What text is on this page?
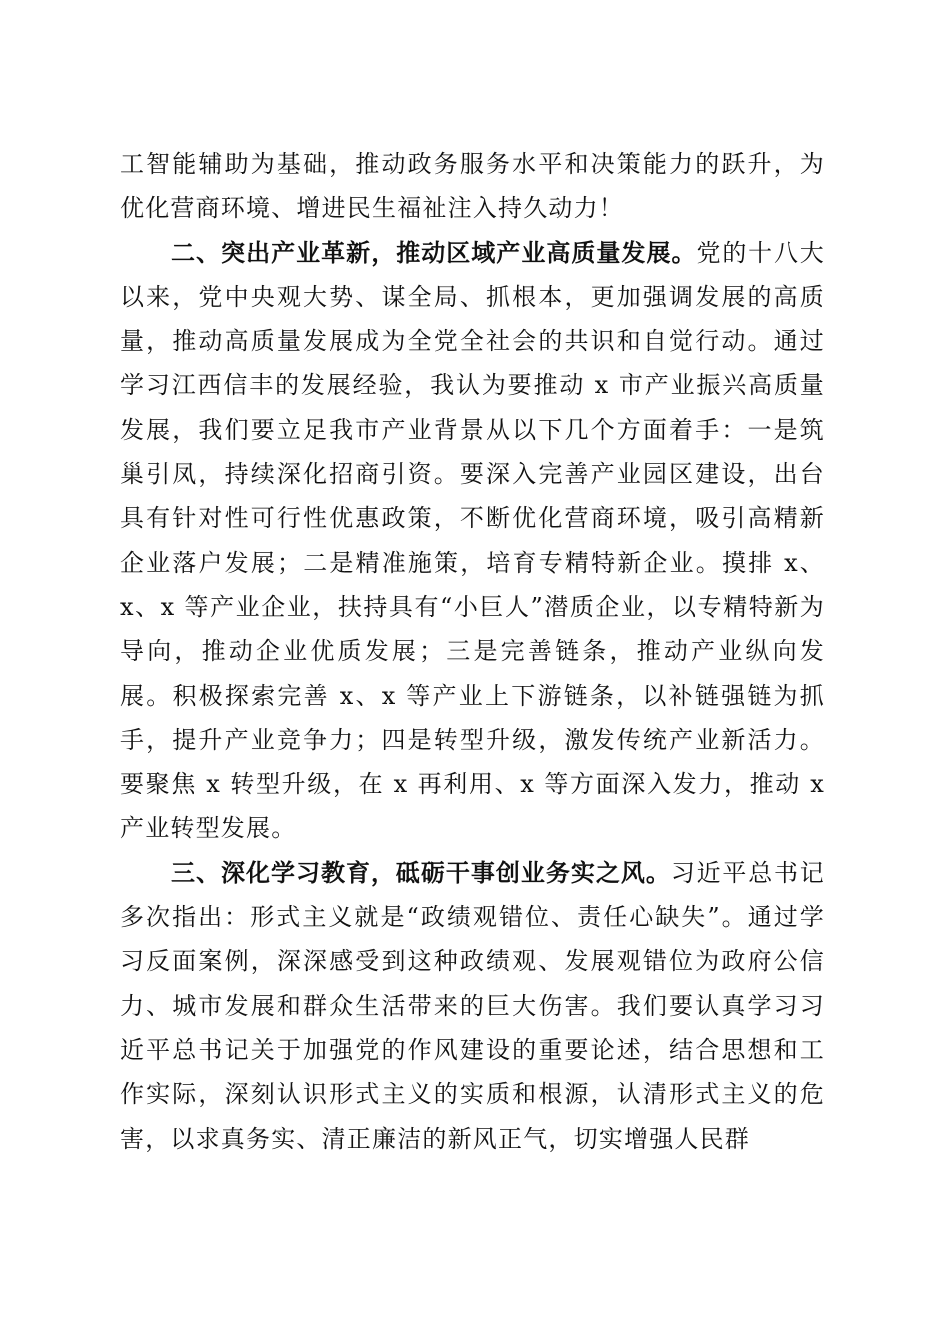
工智能辅助为基础，推动政务服务水平和决策能力的跃升，为优化营商环境、增进民生福祉注入持久动力！

二、突出产业革新，推动区域产业高质量发展。党的十八大以来，党中央观大势、谋全局、抓根本，更加强调发展的高质量，推动高质量发展成为全党全社会的共识和自觉行动。通过学习江西信丰的发展经验，我认为要推动 x 市产业振兴高质量发展，我们要立足我市产业背景从以下几个方面着手：一是筑巢引凤，持续深化招商引资。要深入完善产业园区建设，出台具有针对性可行性优惠政策，不断优化营商环境，吸引高精新企业落户发展；二是精准施策，培育专精特新企业。摸排 x、x、x 等产业企业，扶持具有“小巨人”潜质企业，以专精特新为导向，推动企业优质发展；三是完善链条，推动产业纵向发展。积极探索完善 x、x 等产业上下游链条，以补链强链为抓手，提升产业竞争力；四是转型升级，激发传统产业新活力。要聚焦 x 转型升级，在 x 再利用、x 等方面深入发力，推动 x 产业转型发展。

三、深化学习教育，砥砺干事创业务实之风。习近平总书记多次指出：形式主义就是“政绩观错位、责任心缺失”。通过学习反面案例，深深感受到这种政绩观、发展观错位为政府公信力、城市发展和群众生活带来的巨大伤害。我们要认真学习习近平总书记关于加强党的作风建设的重要论述，结合思想和工作实际，深刻认识形式主义的实质和根源，认清形式主义的危害，以求真务实、清正廉洁的新风正气，切实增强人民群
